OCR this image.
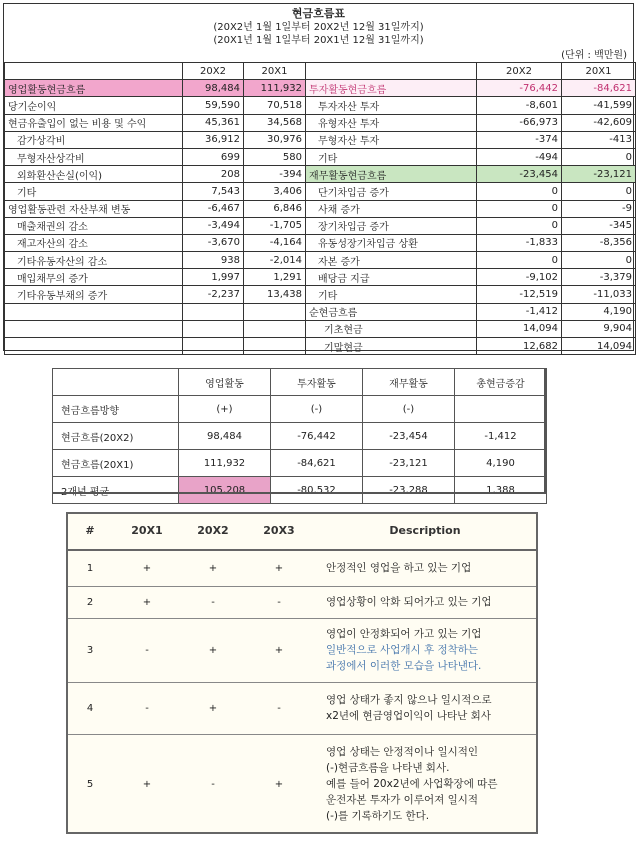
현금흐름표
(20X2년 1월 1일부터 20X2년 12월 31일까지)
(20X1년 1월 1일부터 20X1년 12월 31일까지)
(단위 : 백만원)
	20X2	20X1		20X2	20X1
영업활동현금흐름	98,484	111,932	투자활동현금흐름	-76,442	-84,621
당기순이익	59,590	70,518	투자자산 투자	-8,601	-41,599
현금유출입이 없는 비용 및 수익	45,361	34,568	유형자산 투자	-66,973	-42,609
감가상각비	36,912	30,976	무형자산 투자	-374	-413
무형자산상각비	699	580	기타	-494	0
외화환산손실(이익)	208	-394	재무활동현금흐름	-23,454	-23,121
기타	7,543	3,406	단기차입금 증가	0	0
영업활동관련 자산부채 변동	-6,467	6,846	사채 증가	0	-9
매출채권의 감소	-3,494	-1,705	장기차입금 증가	0	-345
재고자산의 감소	-3,670	-4,164	유동성장기차입금 상환	-1,833	-8,356
기타유동자산의 감소	938	-2,014	자본 증가	0	0
매입채무의 증가	1,997	1,291	배당금 지급	-9,102	-3,379
기타유동부채의 증가	-2,237	13,438	기타	-12,519	-11,033
			순현금흐름	-1,412	4,190
			기초현금	14,094	9,904
			기말현금	12,682	14,094
	영업활동	투자활동	재무활동	총현금증감
현금흐름방향	(+)	(-)	(-)	
현금흐름(20X2)	98,484	-76,442	-23,454	-1,412
현금흐름(20X1)	111,932	-84,621	-23,121	4,190
2개년 평균	105,208	-80,532	-23,288	1,388
#	20X1	20X2	20X3	Description
1	+	+	+	안정적인 영업을 하고 있는 기업

2	+	-	-	영업상황이 악화 되어가고 있는 기업

3	-	+	+	영업이 안정화되어 가고 있는 기업
일반적으로 사업개시 후 정착하는
과정에서 이러한 모습을 나타낸다.

4	-	+	-	영업 상태가 좋지 않으나 일시적으로
x2년에 현금영업이익이 나타난 회사

5	+	-	+	영업 상태는 안정적이나 일시적인
(-)현금흐름을 나타낸 회사.
예를 들어 20x2년에 사업확장에 따른
운전자본 투자가 이루어져 일시적
(-)를 기록하기도 한다.
